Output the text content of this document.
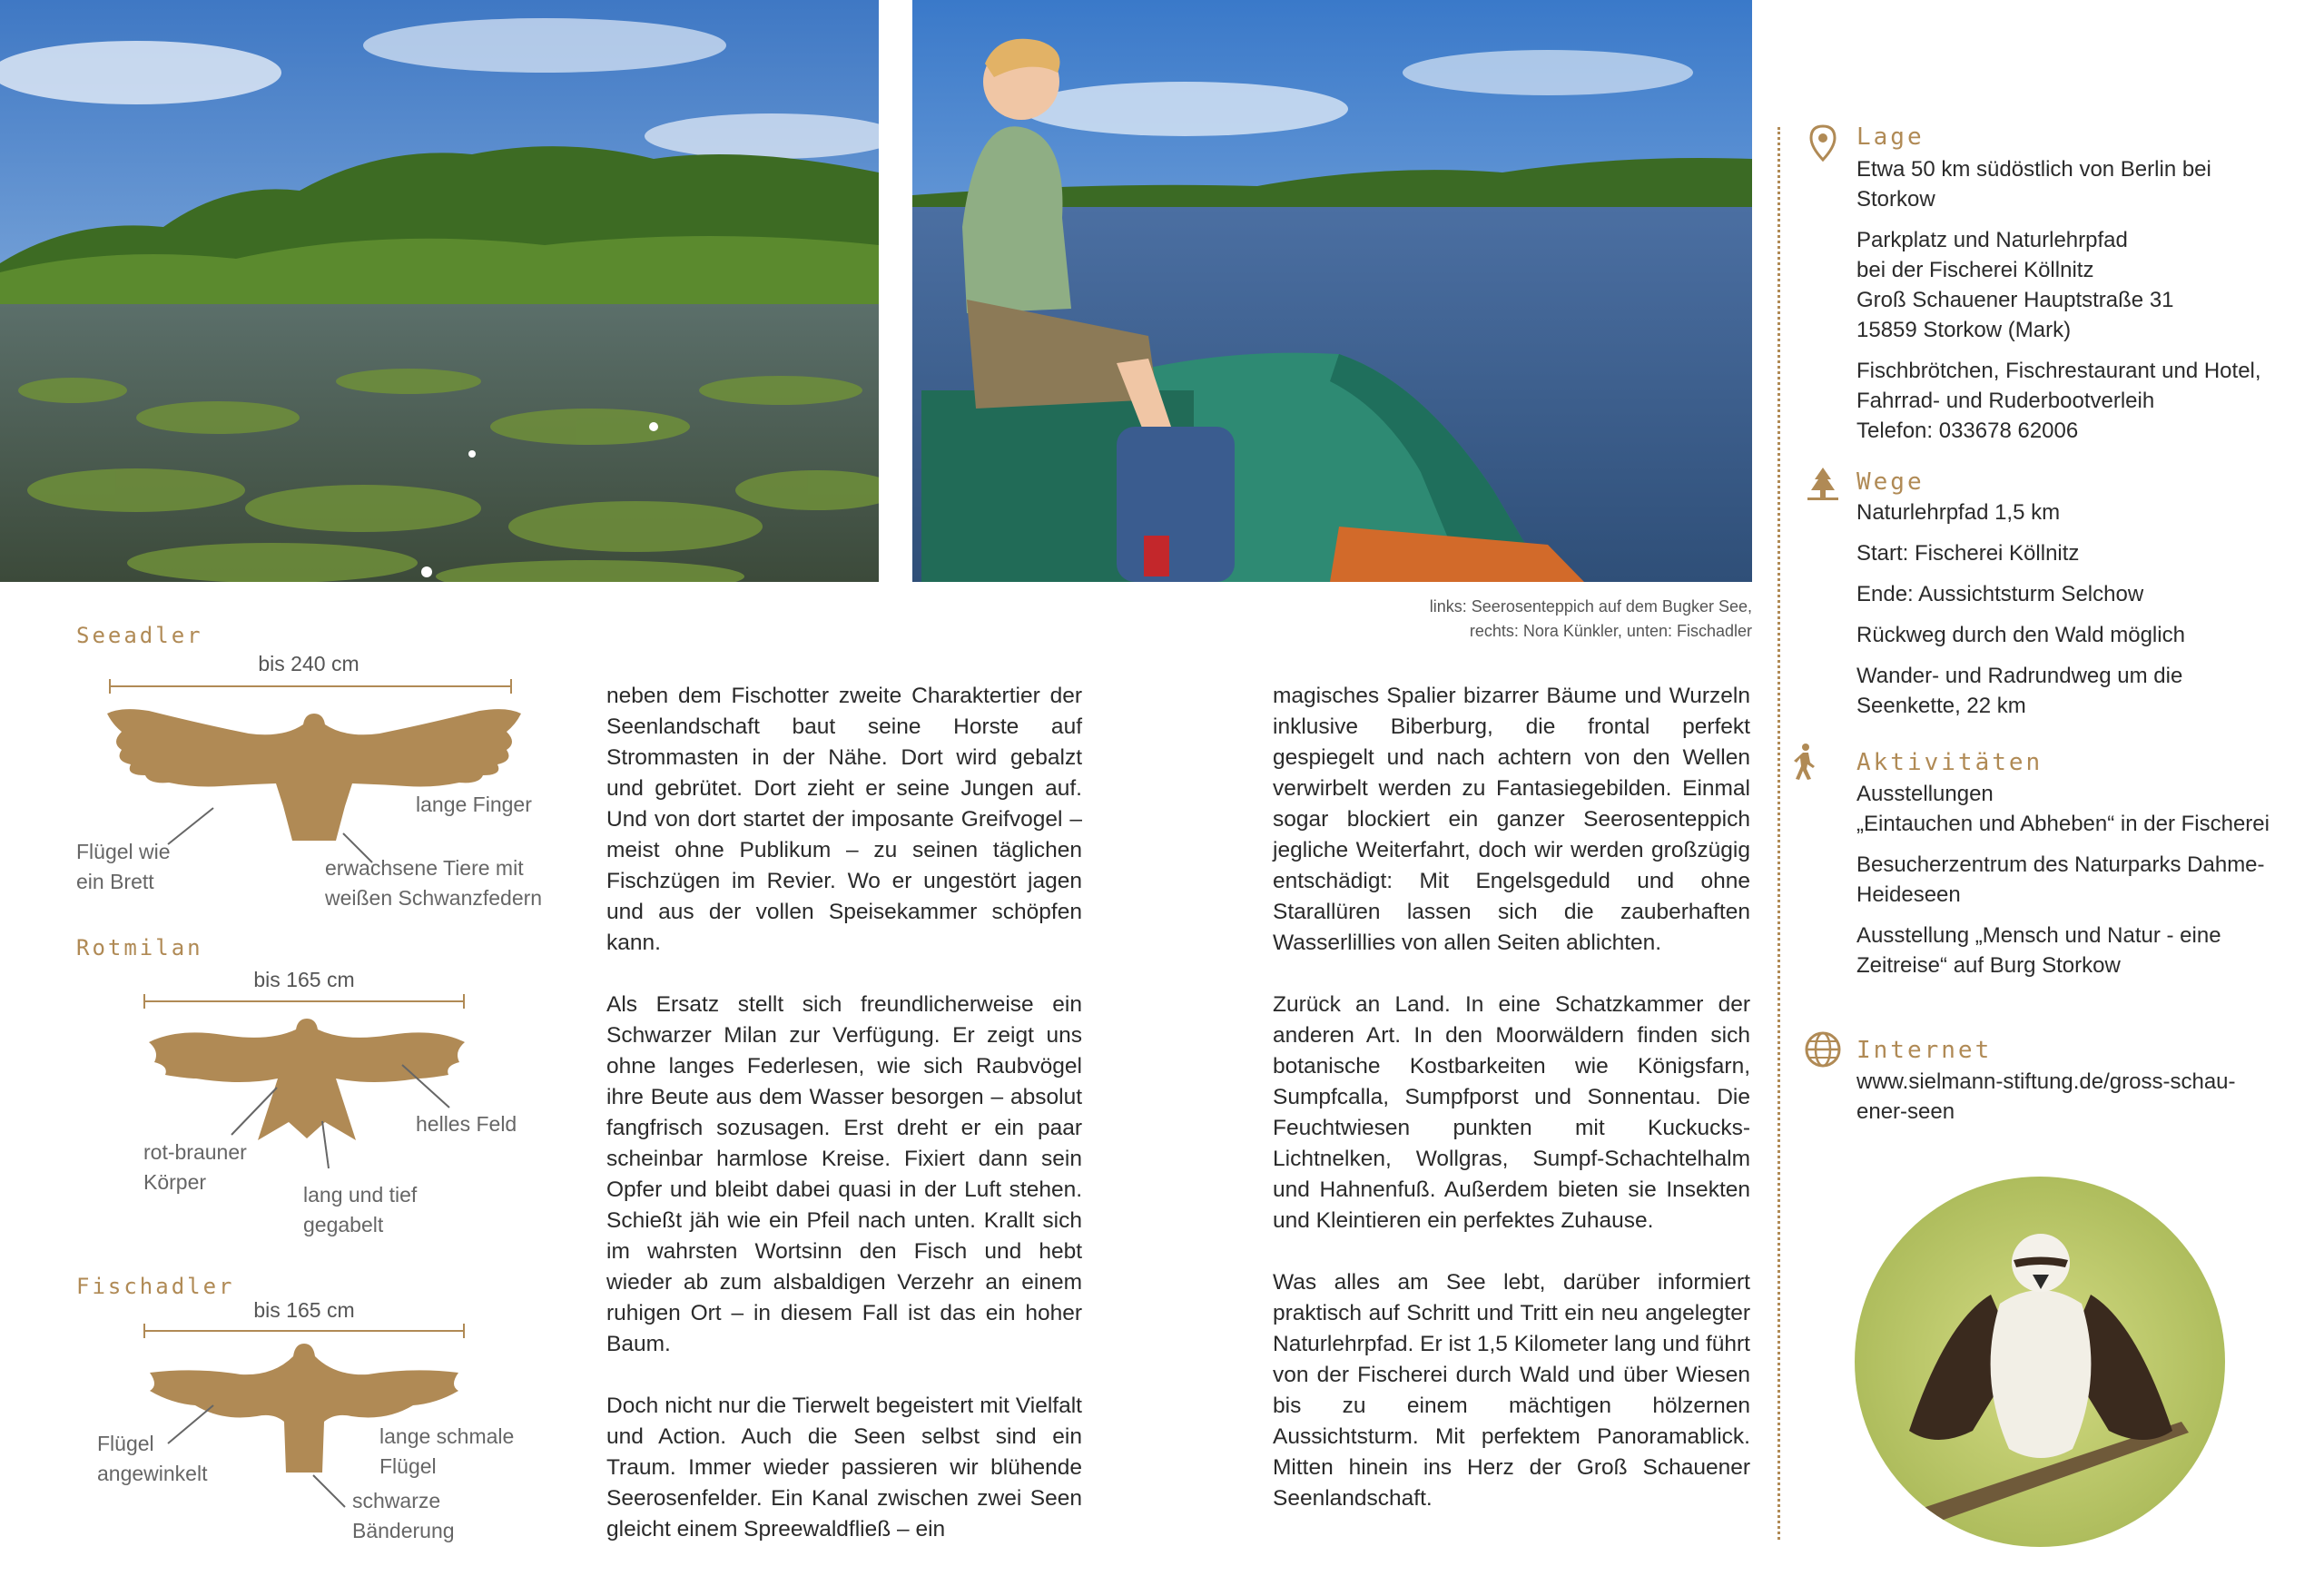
links: Seerosenteppich auf dem Bugker See,
rechts: Nora Künkler, unten: Fischadler
Seeadler
bis 240 cm
lange Finger
Flügel wie
ein Brett
erwachsene Tiere mit
weißen Schwanzfedern
Rotmilan
bis 165 cm
helles Feld
rot-brauner
Körper
lang und tief
gegabelt
Fischadler
bis 165 cm
Flügel
angewinkelt
lange schmale
Flügel
schwarze
Bänderung

neben dem Fischotter zweite Charaktertier der Seenlandschaft baut seine Horste auf Strommasten in der Nähe. Dort wird gebalzt und gebrütet. Dort zieht er seine Jungen auf. Und von dort startet der imposante Greifvogel – meist ohne Publikum – zu seinen täglichen Fischzügen im Revier. Wo er ungestört jagen und aus der vollen Speisekammer schöpfen kann.

Als Ersatz stellt sich freundlicherweise ein Schwarzer Milan zur Verfügung. Er zeigt uns ohne langes Federlesen, wie sich Raubvögel ihre Beute aus dem Wasser besorgen – absolut fangfrisch sozusagen. Erst dreht er ein paar scheinbar harmlose Kreise. Fixiert dann sein Opfer und bleibt dabei quasi in der Luft stehen. Schießt jäh wie ein Pfeil nach unten. Krallt sich im wahrsten Wortsinn den Fisch und hebt wieder ab zum alsbaldigen Verzehr an einem ruhigen Ort – in diesem Fall ist das ein hoher Baum.

Doch nicht nur die Tierwelt begeistert mit Vielfalt und Action. Auch die Seen selbst sind ein Traum. Immer wieder passieren wir blühende Seerosenfelder. Ein Kanal zwischen zwei Seen gleicht einem Spreewaldfließ – ein

magisches Spalier bizarrer Bäume und Wurzeln inklusive Biberburg, die frontal perfekt gespiegelt und nach achtern von den Wellen verwirbelt werden zu Fantasiegebilden. Einmal sogar blockiert ein ganzer Seerosenteppich jegliche Weiterfahrt, doch wir werden großzügig entschädigt: Mit Engelsgeduld und ohne Starallüren lassen sich die zauberhaften Wasserlillies von allen Seiten ablichten.

Zurück an Land. In eine Schatzkammer der anderen Art. In den Moorwäldern finden sich botanische Kostbarkeiten wie Königsfarn, Sumpfcalla, Sumpfporst und Sonnentau. Die Feuchtwiesen punkten mit Kuckucks-Lichtnelken, Wollgras, Sumpf-Schachtelhalm und Hahnenfuß. Außerdem bieten sie Insekten und Kleintieren ein perfektes Zuhause.

Was alles am See lebt, darüber informiert praktisch auf Schritt und Tritt ein neu angelegter Naturlehrpfad. Er ist 1,5 Kilometer lang und führt von der Fischerei durch Wald und über Wiesen bis zu einem mächtigen hölzernen Aussichtsturm. Mit perfektem Panoramablick. Mitten hinein ins Herz der Groß Schauener Seenlandschaft.

Lage

Etwa 50 km südöstlich von Berlin bei Storkow

Parkplatz und Naturlehrpfad
bei der Fischerei Köllnitz
Groß Schauener Hauptstraße 31
15859 Storkow (Mark)

Fischbrötchen, Fischrestaurant und Hotel, Fahrrad- und Ruderbootverleih
Telefon: 033678 62006

Wege

Naturlehrpfad 1,5 km

Start: Fischerei Köllnitz

Ende: Aussichtsturm Selchow

Rückweg durch den Wald möglich

Wander- und Radrundweg um die Seenkette, 22 km

Aktivitäten

Ausstellungen
„Eintauchen und Abheben“ in der Fischerei

Besucherzentrum des Naturparks Dahme-Heideseen

Ausstellung „Mensch und Natur - eine Zeitreise“ auf Burg Storkow

Internet

www.sielmann-stiftung.de/gross-schau-
ener-seen
